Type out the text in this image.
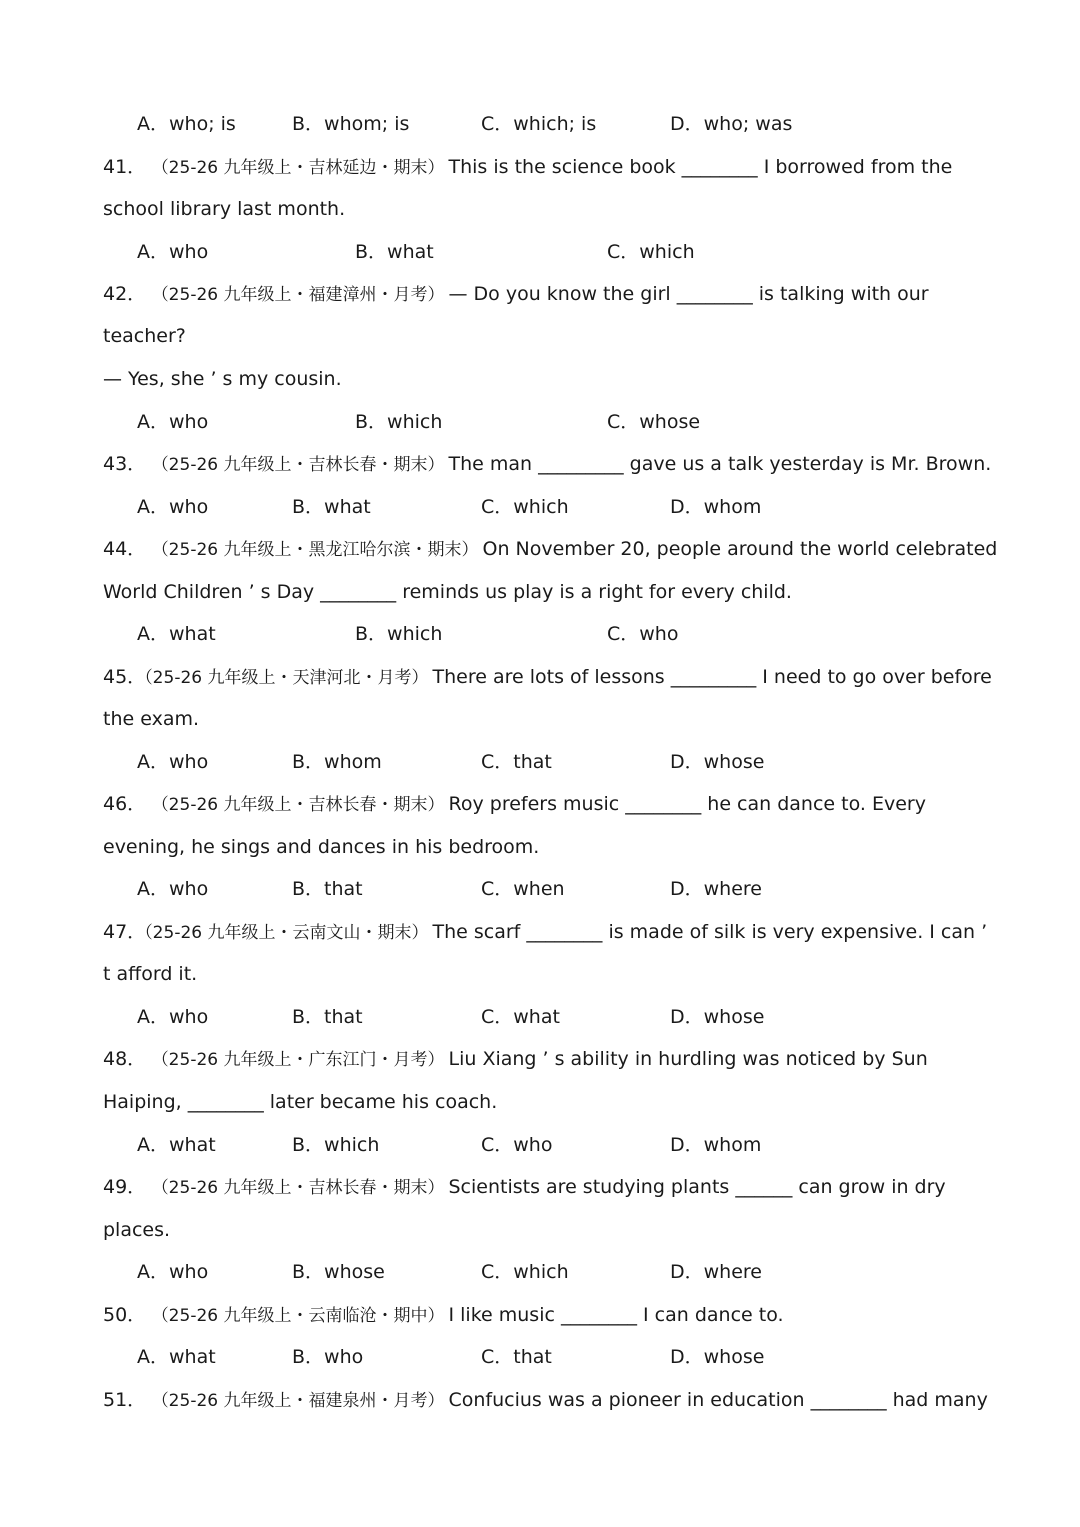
A．who; is	B．whom; is	C．which; is	D．who; was
41． （25-26 九年级上・吉林延边・期末） This is the science book ________ I borrowed from the
school library last month.
A．who	B．what	C．which
42． （25-26 九年级上・福建漳州・月考） — Do you know the girl ________ is talking with our
teacher?
— Yes, she ’ s my cousin.
A．who	B．which	C．whose
43． （25-26 九年级上・吉林长春・期末） The man _________ gave us a talk yesterday is Mr. Brown.
A．who	B．what	C．which	D．whom
44． （25-26 九年级上・黑龙江哈尔滨・期末） On November 20, people around the world celebrated
World Children ’ s Day ________ reminds us play is a right for every child.
A．what	B．which	C．who
45．（25-26 九年级上・天津河北・月考） There are lots of lessons _________ I need to go over before
the exam.
A．who	B．whom	C．that	D．whose
46． （25-26 九年级上・吉林长春・期末） Roy prefers music ________ he can dance to. Every
evening, he sings and dances in his bedroom.
A．who	B．that	C．when	D．where
47．（25-26 九年级上・云南文山・期末） The scarf ________ is made of silk is very expensive. I can ’
t afford it.
A．who	B．that	C．what	D．whose
48． （25-26 九年级上・广东江门・月考） Liu Xiang ’ s ability in hurdling was noticed by Sun
Haiping, ________ later became his coach.
A．what	B．which	C．who	D．whom
49． （25-26 九年级上・吉林长春・期末） Scientists are studying plants ______ can grow in dry
places.
A．who	B．whose	C．which	D．where
50． （25-26 九年级上・云南临沧・期中） I like music ________ I can dance to.
A．what	B．who	C．that	D．whose
51． （25-26 九年级上・福建泉州・月考） Confucius was a pioneer in education ________ had many
